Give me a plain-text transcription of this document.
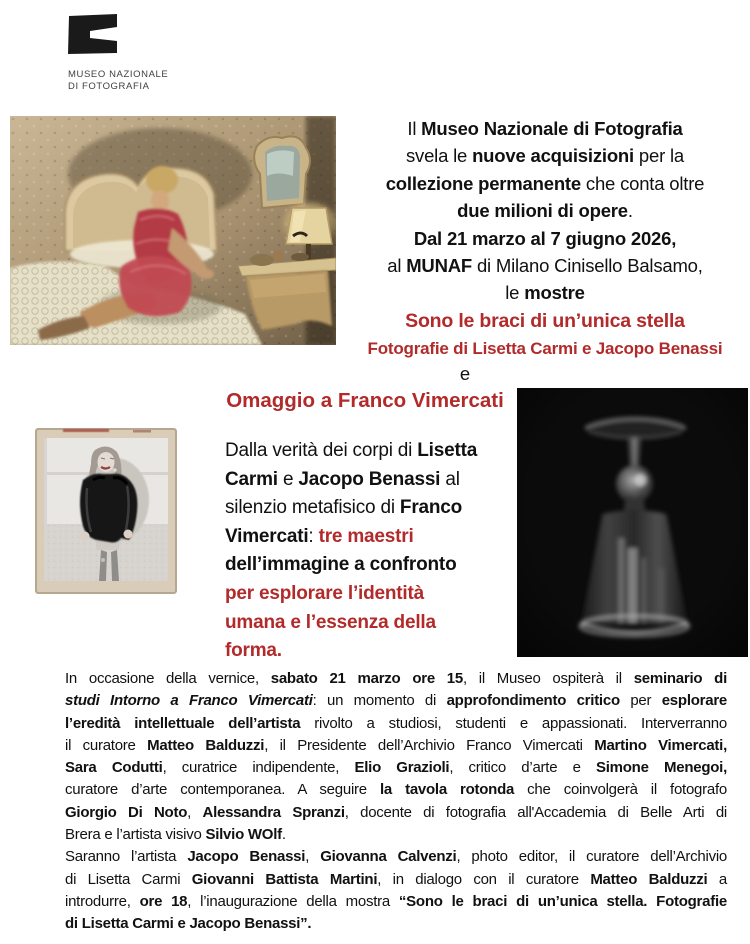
MUSEO NAZIONALE
DI FOTOGRAFIA
Il Museo Nazionale di Fotografia
svela le nuove acquisizioni per la
collezione permanente che conta oltre
due milioni di opere.
Dal 21 marzo al 7 giugno 2026,
al MUNAF di Milano Cinisello Balsamo,
le mostre
Sono le braci di un’unica stella
Fotografie di Lisetta Carmi e Jacopo Benassi
e
Omaggio a Franco Vimercati
Dalla verità dei corpi di Lisetta
Carmi e Jacopo Benassi al
silenzio metafisico di Franco
Vimercati: tre maestri
dell’immagine a confronto
per esplorare l’identità
umana e l’essenza della
forma.
In occasione della vernice, sabato 21 marzo ore 15, il Museo ospiterà il seminario di
studi Intorno a Franco Vimercati: un momento di approfondimento critico per esplorare
l’eredità intellettuale dell’artista rivolto a studiosi, studenti e appassionati. Interverranno
il curatore Matteo Balduzzi, il Presidente dell’Archivio Franco Vimercati Martino Vimercati,
Sara Codutti, curatrice indipendente, Elio Grazioli, critico d’arte e Simone Menegoi,
curatore d’arte contemporanea. A seguire la tavola rotonda che coinvolgerà il fotografo
Giorgio Di Noto, Alessandra Spranzi, docente di fotografia all'Accademia di Belle Arti di
Brera e l’artista visivo Silvio WOlf.
Saranno l’artista Jacopo Benassi, Giovanna Calvenzi, photo editor, il curatore dell’Archivio
di Lisetta Carmi Giovanni Battista Martini, in dialogo con il curatore Matteo Balduzzi a
introdurre, ore 18, l’inaugurazione della mostra “Sono le braci di un’unica stella. Fotografie
di Lisetta Carmi e Jacopo Benassi”.
